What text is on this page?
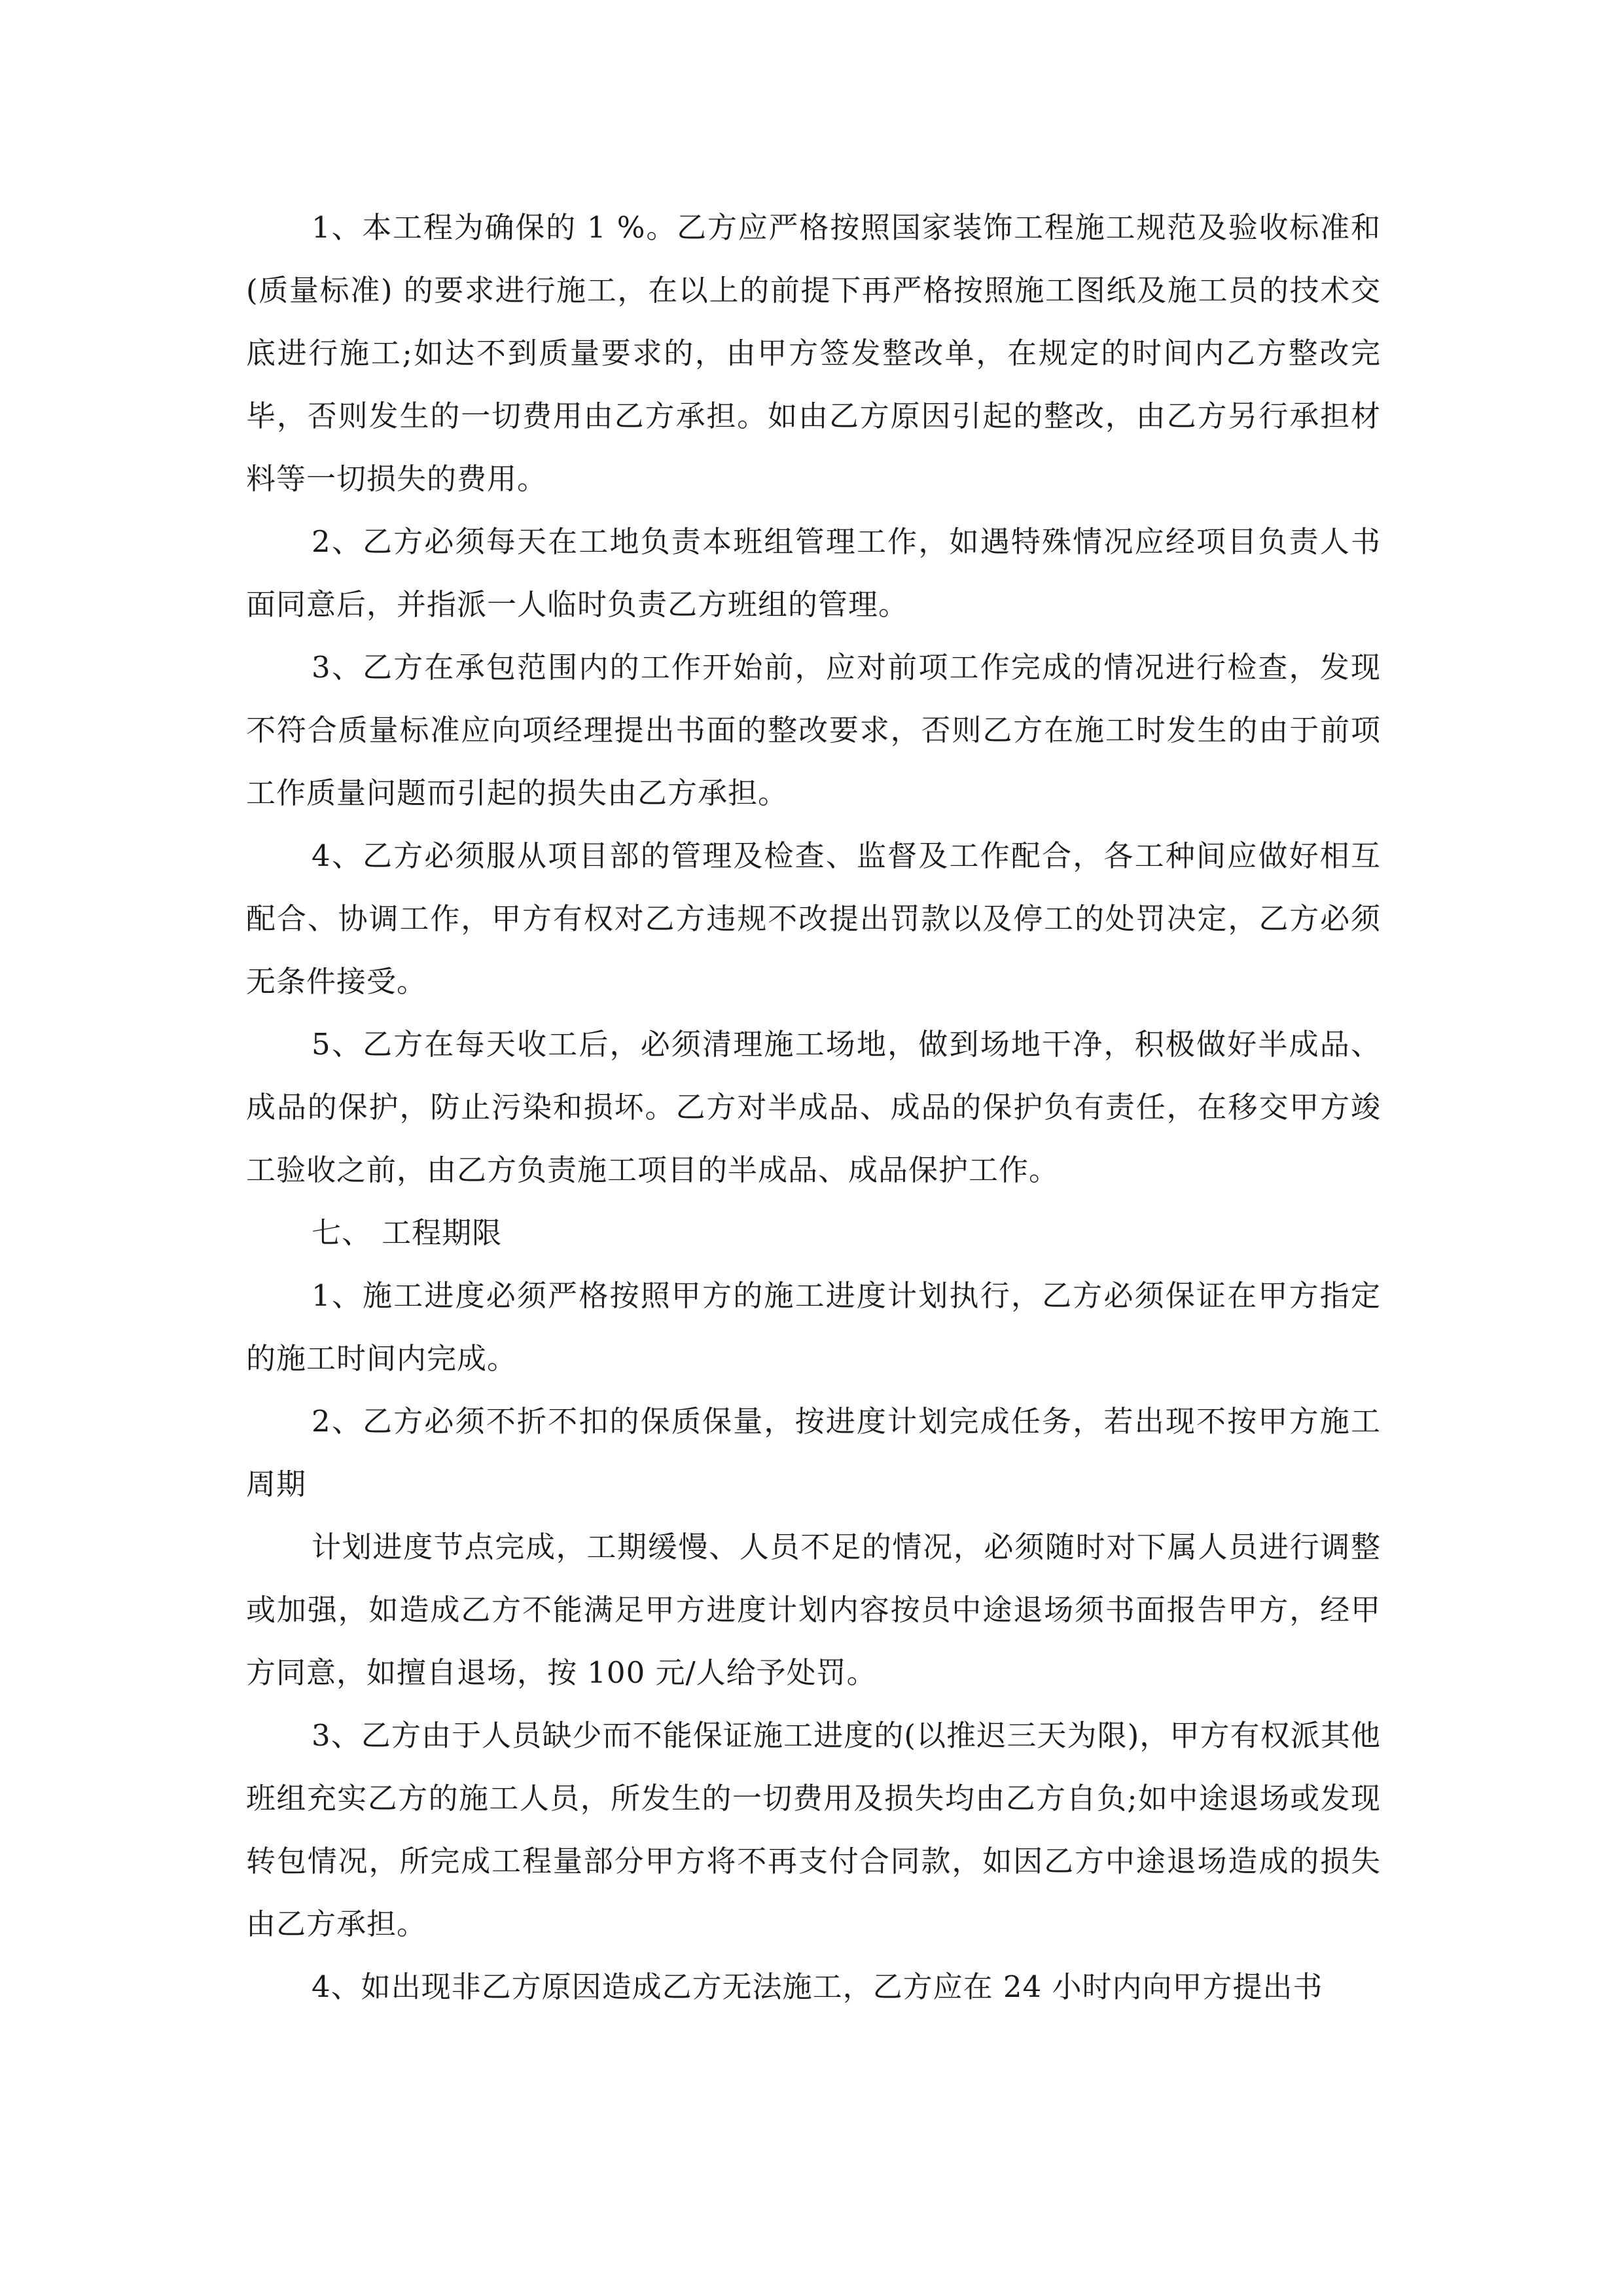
1、本工程为确保的 1 %。乙方应严格按照国家装饰工程施工规范及验收标准和 (质量标准) 的要求进行施工，在以上的前提下再严格按照施工图纸及施工员的技术交底进行施工;如达不到质量要求的，由甲方签发整改单，在规定的时间内乙方整改完毕，否则发生的一切费用由乙方承担。如由乙方原因引起的整改，由乙方另行承担材料等一切损失的费用。

2、乙方必须每天在工地负责本班组管理工作，如遇特殊情况应经项目负责人书面同意后，并指派一人临时负责乙方班组的管理。

3、乙方在承包范围内的工作开始前，应对前项工作完成的情况进行检查，发现不符合质量标准应向项经理提出书面的整改要求，否则乙方在施工时发生的由于前项工作质量问题而引起的损失由乙方承担。

4、乙方必须服从项目部的管理及检查、监督及工作配合，各工种间应做好相互配合、协调工作，甲方有权对乙方违规不改提出罚款以及停工的处罚决定，乙方必须无条件接受。

5、乙方在每天收工后，必须清理施工场地，做到场地干净，积极做好半成品、成品的保护，防止污染和损坏。乙方对半成品、成品的保护负有责任，在移交甲方竣工验收之前，由乙方负责施工项目的半成品、成品保护工作。

七、 工程期限

1、施工进度必须严格按照甲方的施工进度计划执行，乙方必须保证在甲方指定的施工时间内完成。

2、乙方必须不折不扣的保质保量，按进度计划完成任务，若出现不按甲方施工周期

计划进度节点完成，工期缓慢、人员不足的情况，必须随时对下属人员进行调整或加强，如造成乙方不能满足甲方进度计划内容按员中途退场须书面报告甲方，经甲方同意，如擅自退场，按 100 元/人给予处罚。

3、乙方由于人员缺少而不能保证施工进度的(以推迟三天为限)，甲方有权派其他班组充实乙方的施工人员，所发生的一切费用及损失均由乙方自负;如中途退场或发现转包情况，所完成工程量部分甲方将不再支付合同款，如因乙方中途退场造成的损失由乙方承担。

4、如出现非乙方原因造成乙方无法施工，乙方应在 24 小时内向甲方提出书
